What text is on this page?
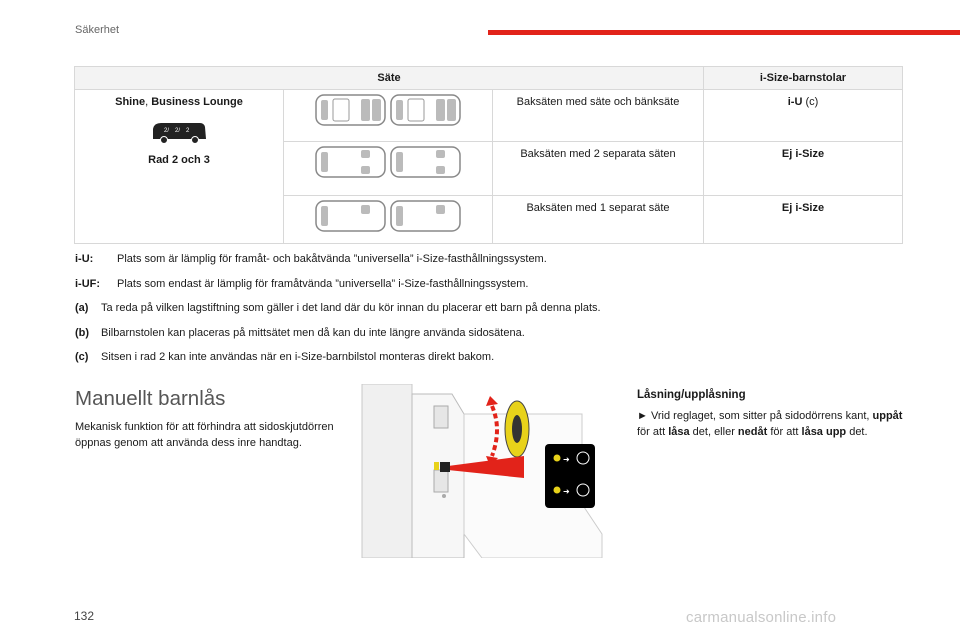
Säkerhet
Säte			i-Size-barnstolar

Shine, Business Lounge
2/ 2/ 2
Rad 2 och 3		Baksäten med säte och bänksäte	i-U (c)

	Baksäten med 2 separata säten	Ej i-Size

	Baksäten med 1 separat säte	Ej i-Size
i-U:	Plats som är lämplig för framåt- och bakåtvända ”universella” i-Size-fasthållningssystem.
i-UF:	Plats som endast är lämplig för framåtvända ”universella” i-Size-fasthållningssystem.
(a)	Ta reda på vilken lagstiftning som gäller i det land där du kör innan du placerar ett barn på denna plats.
(b)	Bilbarnstolen kan placeras på mittsätet men då kan du inte längre använda sidosätena.
(c)	Sitsen i rad 2 kan inte användas när en i-Size-barnbilstol monteras direkt bakom.
Manuellt barnlås
Mekanisk funktion för att förhindra att sidoskjutdörren öppnas genom att använda dess inre handtag.
➜
➜
Låsning/upplåsning
► Vrid reglaget, som sitter på sidodörrens kant, uppåt för att låsa det, eller nedåt för att låsa upp det.
132	carmanualsonline.info
